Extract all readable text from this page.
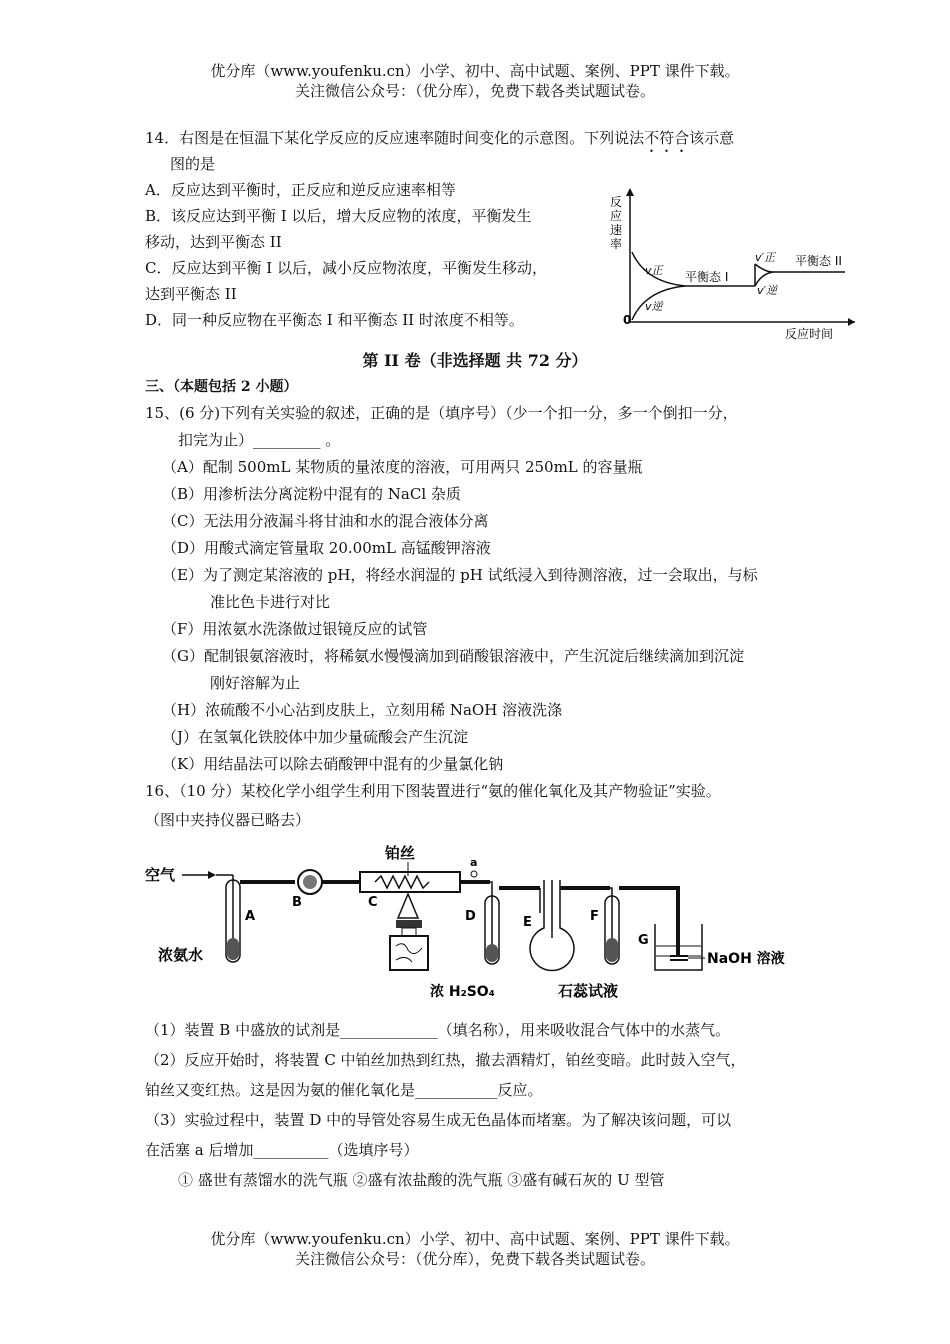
优分库（www.youfenku.cn）小学、初中、高中试题、案例、PPT 课件下载。
关注微信公众号：（优分库），免费下载各类试题试卷。
14．右图是在恒温下某化学反应的反应速率随时间变化的示意图。下列说法不符合该示意
图的是
A．反应达到平衡时，正反应和逆反应速率相等
B．该反应达到平衡 I 以后，增大反应物的浓度，平衡发生
移动，达到平衡态 II
C．反应达到平衡 I 以后，减小反应物浓度，平衡发生移动，
达到平衡态 II
D．同一种反应物在平衡态 I 和平衡态 II 时浓度不相等。
反
应
速
率
0
反应时间
v正
v逆
平衡态 I
v′正
v′逆
平衡态 II
第 II 卷（非选择题 共 72 分）
三、（本题包括 2 小题）
15、(6 分)下列有关实验的叙述，正确的是（填序号）（少一个扣一分，多一个倒扣一分，
扣完为止）_________ 。
（A）配制 500mL 某物质的量浓度的溶液，可用两只 250mL 的容量瓶
（B）用渗析法分离淀粉中混有的 NaCl 杂质
（C）无法用分液漏斗将甘油和水的混合液体分离
（D）用酸式滴定管量取 20.00mL 高锰酸钾溶液
（E）为了测定某溶液的 pH，将经水润湿的 pH 试纸浸入到待测溶液，过一会取出，与标
准比色卡进行对比
（F）用浓氨水洗涤做过银镜反应的试管
（G）配制银氨溶液时，将稀氨水慢慢滴加到硝酸银溶液中，产生沉淀后继续滴加到沉淀
刚好溶解为止
（H）浓硫酸不小心沾到皮肤上，立刻用稀 NaOH 溶液洗涤
（J）在氢氧化铁胶体中加少量硫酸会产生沉淀
（K）用结晶法可以除去硝酸钾中混有的少量氯化钠
16、（10 分）某校化学小组学生利用下图装置进行“氨的催化氧化及其产物验证”实验。
（图中夹持仪器已略去）
空气
A
浓氨水
B	C
铂丝
a
D
浓 H₂SO₄
E	F
石蕊试液
G
NaOH 溶液
（1）装置 B 中盛放的试剂是_____________（填名称），用来吸收混合气体中的水蒸气。
（2）反应开始时，将装置 C 中铂丝加热到红热，撤去酒精灯，铂丝变暗。此时鼓入空气，
铂丝又变红热。这是因为氨的催化氧化是___________反应。
（3）实验过程中，装置 D 中的导管处容易生成无色晶体而堵塞。为了解决该问题，可以
在活塞 a 后增加__________（选填序号）
① 盛世有蒸馏水的洗气瓶 ②盛有浓盐酸的洗气瓶 ③盛有碱石灰的 U 型管
优分库（www.youfenku.cn）小学、初中、高中试题、案例、PPT 课件下载。
关注微信公众号：（优分库），免费下载各类试题试卷。
